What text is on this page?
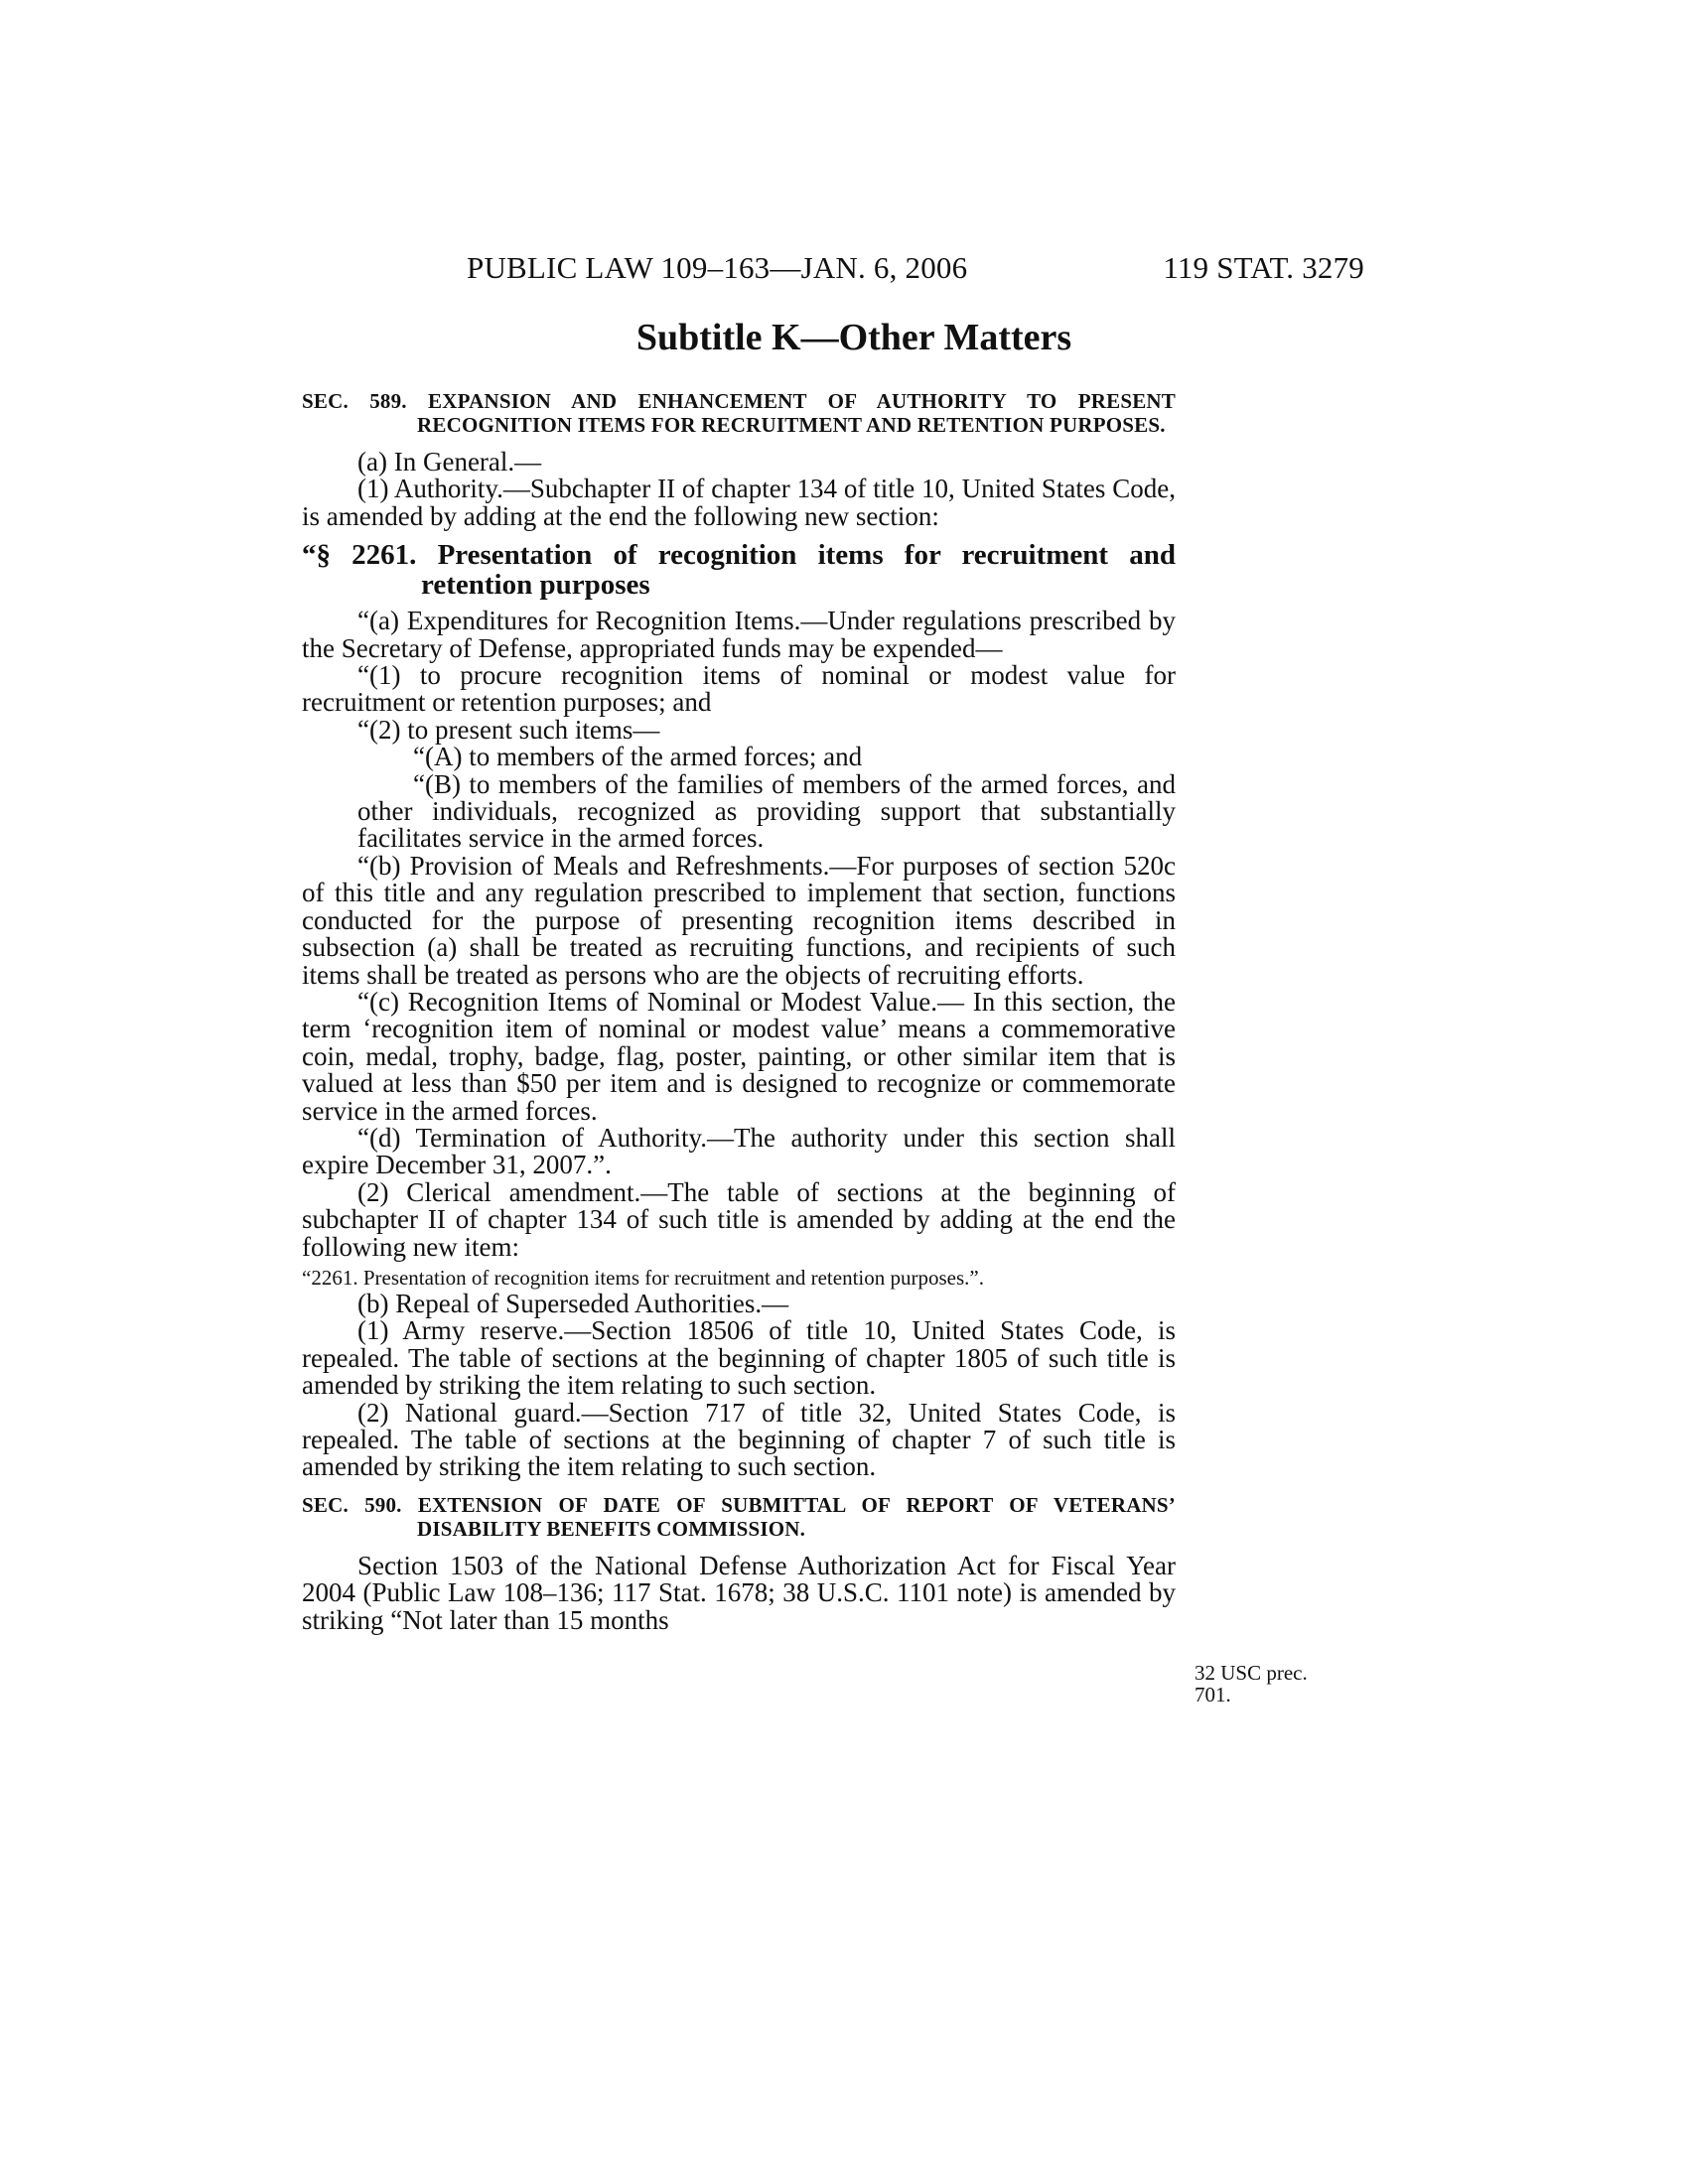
PUBLIC LAW 109–163—JAN. 6, 2006	119 STAT. 3279
Subtitle K—Other Matters

SEC. 589. EXPANSION AND ENHANCEMENT OF AUTHORITY TO PRESENT RECOGNITION ITEMS FOR RECRUITMENT AND RETENTION PURPOSES.

(a) In General.—

(1) Authority.—Subchapter II of chapter 134 of title 10, United States Code, is amended by adding at the end the following new section:

“§ 2261. Presentation of recognition items for recruitment and retention purposes

“(a) Expenditures for Recognition Items.—Under regulations prescribed by the Secretary of Defense, appropriated funds may be expended—

“(1) to procure recognition items of nominal or modest value for recruitment or retention purposes; and

“(2) to present such items—

“(A) to members of the armed forces; and

“(B) to members of the families of members of the armed forces, and other individuals, recognized as providing support that substantially facilitates service in the armed forces.

“(b) Provision of Meals and Refreshments.—For purposes of section 520c of this title and any regulation prescribed to implement that section, functions conducted for the purpose of presenting recognition items described in subsection (a) shall be treated as recruiting functions, and recipients of such items shall be treated as persons who are the objects of recruiting efforts.

“(c) Recognition Items of Nominal or Modest Value.— In this section, the term ‘recognition item of nominal or modest value’ means a commemorative coin, medal, trophy, badge, flag, poster, painting, or other similar item that is valued at less than $50 per item and is designed to recognize or commemorate service in the armed forces.

“(d) Termination of Authority.—The authority under this section shall expire December 31, 2007.”.

(2) Clerical amendment.—The table of sections at the beginning of subchapter II of chapter 134 of such title is amended by adding at the end the following new item:

“2261. Presentation of recognition items for recruitment and retention purposes.”.

(b) Repeal of Superseded Authorities.—

(1) Army reserve.—Section 18506 of title 10, United States Code, is repealed. The table of sections at the beginning of chapter 1805 of such title is amended by striking the item relating to such section.

(2) National guard.—Section 717 of title 32, United States Code, is repealed. The table of sections at the beginning of chapter 7 of such title is amended by striking the item relating to such section.

SEC. 590. EXTENSION OF DATE OF SUBMITTAL OF REPORT OF VETERANS’ DISABILITY BENEFITS COMMISSION.

Section 1503 of the National Defense Authorization Act for Fiscal Year 2004 (Public Law 108–136; 117 Stat. 1678; 38 U.S.C. 1101 note) is amended by striking “Not later than 15 months

32 USC prec.
701.
